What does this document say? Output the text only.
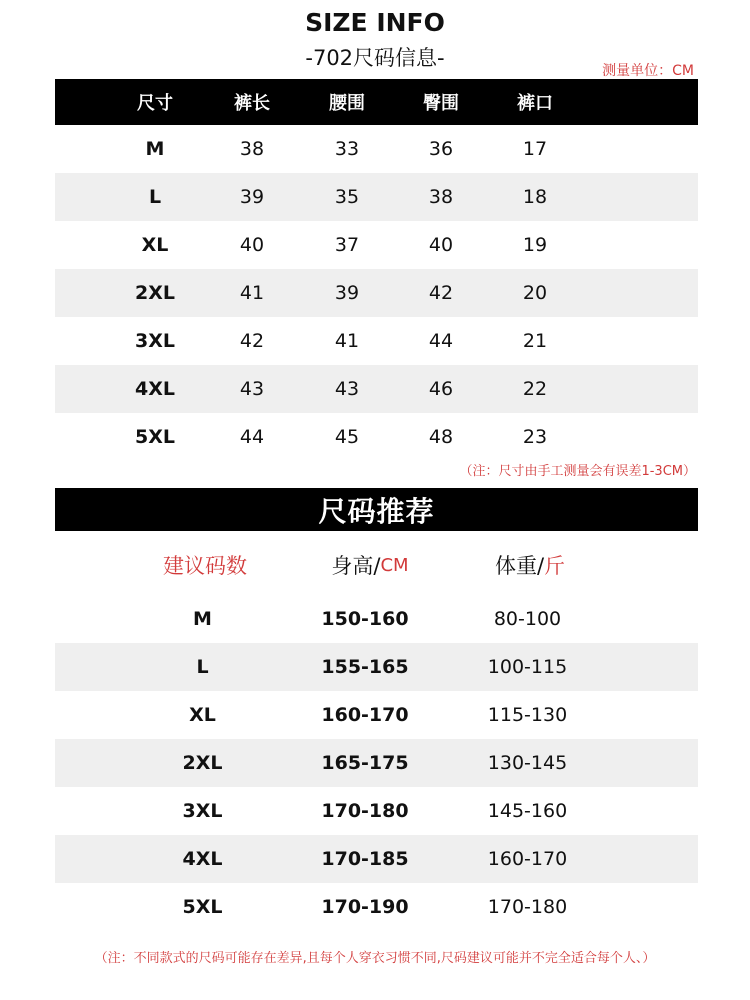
SIZE INFO
-702尺码信息-
测量单位：CM
尺寸	裤长	腰围	臀围	裤口
M	38	33	36	17
L	39	35	38	18
XL	40	37	40	19
2XL	41	39	42	20
3XL	42	41	44	21
4XL	43	43	46	22
5XL	44	45	48	23
（注：尺寸由手工测量会有误差1-3CM）
尺码推荐
建议码数	身高/ CM	体重/ 斤
M	150-160	80-100
L	155-165	100-115
XL	160-170	115-130
2XL	165-175	130-145
3XL	170-180	145-160
4XL	170-185	160-170
5XL	170-190	170-180
（注：不同款式的尺码可能存在差异,且每个人穿衣习惯不同,尺码建议可能并不完全适合每个人、）
